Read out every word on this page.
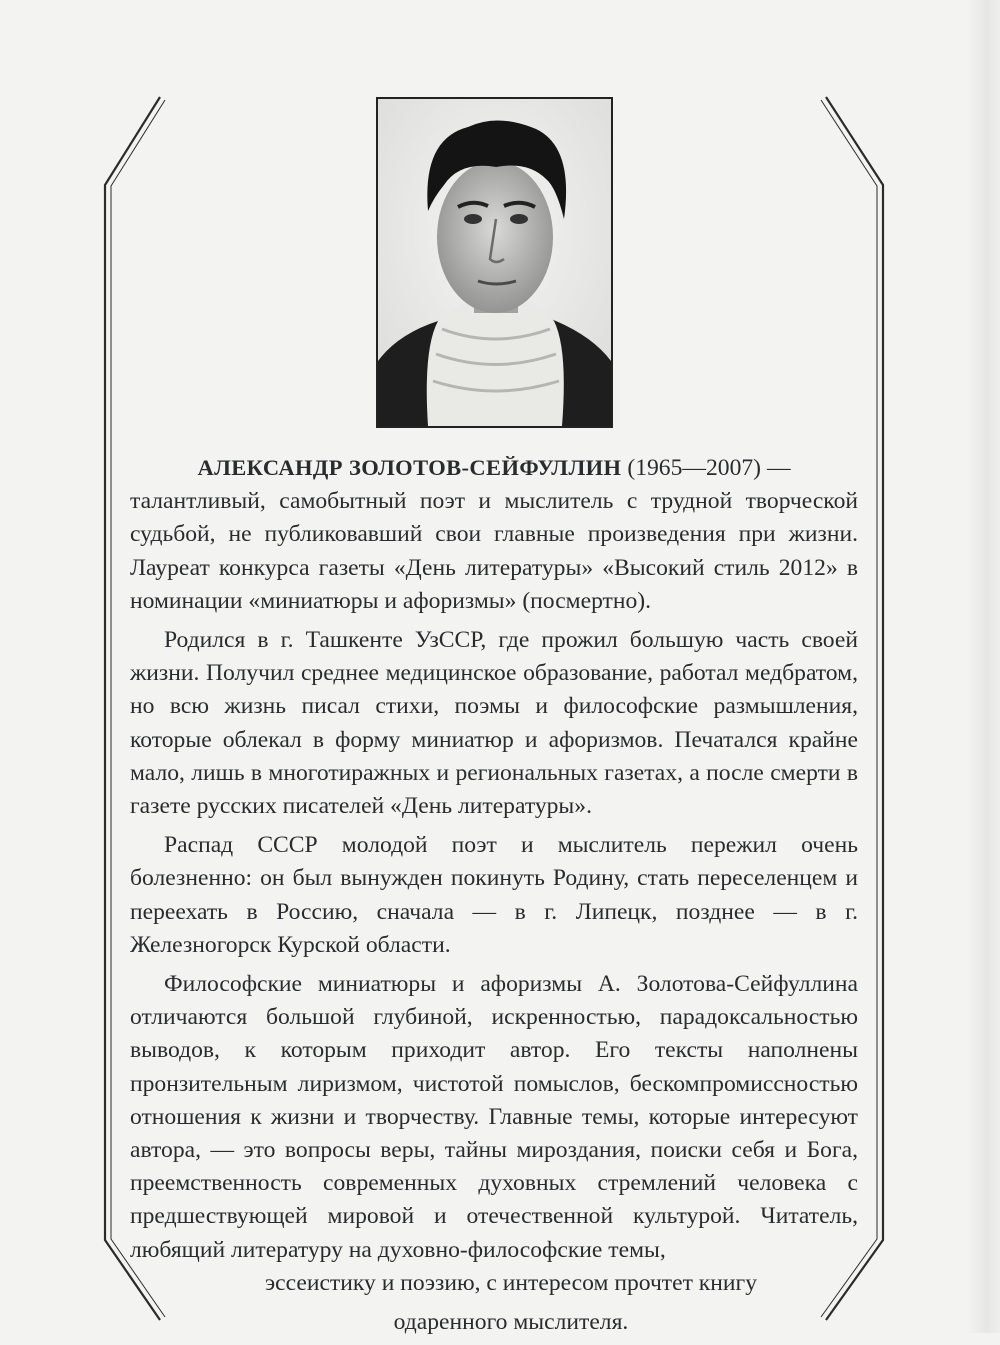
АЛЕКСАНДР ЗОЛОТОВ-СЕЙФУЛЛИН (1965—2007) —
талантливый, самобытный поэт и мыслитель с трудной творческой судьбой, не публиковавший свои главные произведения при жизни. Лауреат конкурса газеты «День литературы» «Высокий стиль 2012» в номинации «миниатюры и афоризмы» (посмертно).

Родился в г. Ташкенте УзССР, где прожил большую часть своей жизни. Получил среднее медицинское образование, работал медбратом, но всю жизнь писал стихи, поэмы и философские размышления, которые облекал в форму миниатюр и афоризмов. Печатался крайне мало, лишь в многотиражных и региональных газетах, а после смерти в газете русских писателей «День литературы».

Распад СССР молодой поэт и мыслитель пережил очень болезненно: он был вынужден покинуть Родину, стать переселенцем и переехать в Россию, сначала — в г. Липецк, позднее — в г. Железногорск Курской области.

Философские миниатюры и афоризмы А. Золотова-Сейфуллина отличаются большой глубиной, искренностью, парадоксальностью выводов, к которым приходит автор. Его тексты наполнены пронзительным лиризмом, чистотой помыслов, бескомпромиссностью отношения к жизни и творчеству. Главные темы, которые интересуют автора, — это вопросы веры, тайны мироздания, поиски себя и Бога, преемственность современных духовных стремлений человека с предшествующей мировой и отечественной культурой. Читатель, любящий литературу на духовно-философские темы,

эссеистику и поэзию, с интересом прочтет книгу

одаренного мыслителя.
